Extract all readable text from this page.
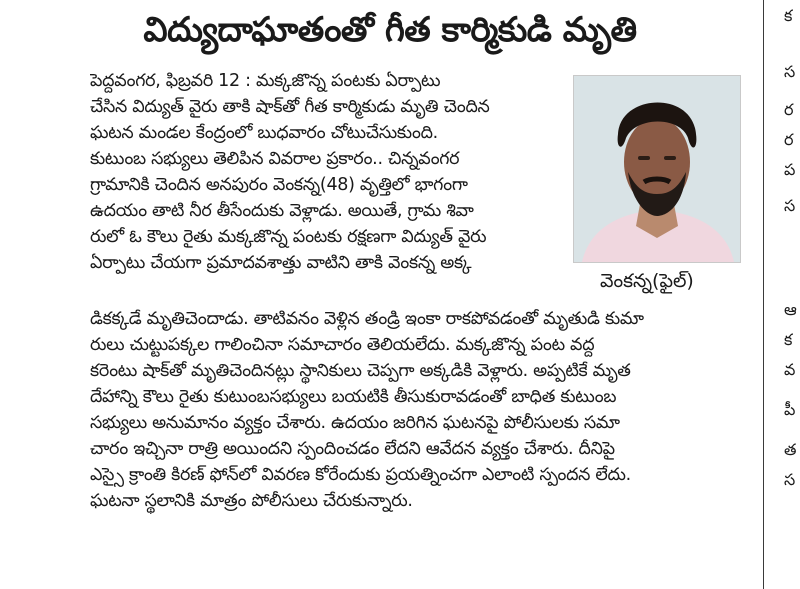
విద్యుదాఘాతంతో గీత కార్మికుడి మృతి
వెంకన్న(ఫైల్)
పెద్దవంగర, ఫిబ్రవరి 12 : మక్కజొన్న పంటకు ఏర్పాటు
చేసిన విద్యుత్ వైరు తాకి షాక్‌తో గీత కార్మికుడు మృతి చెందిన
ఘటన మండల కేంద్రంలో బుధవారం చోటుచేసుకుంది.
కుటుంబ సభ్యులు తెలిపిన వివరాల ప్రకారం.. చిన్నవంగర
గ్రామానికి చెందిన అనపురం వెంకన్న(48) వృత్తిలో భాగంగా
ఉదయం తాటి నీర తీసేందుకు వెళ్లాడు. అయితే, గ్రామ శివా
రులో ఓ కౌలు రైతు మక్కజొన్న పంటకు రక్షణగా విద్యుత్ వైరు
ఏర్పాటు చేయగా ప్రమాదవశాత్తు వాటిని తాకి వెంకన్న అక్క
డికక్కడే మృతిచెందాడు. తాటివనం వెళ్లిన తండ్రి ఇంకా రాకపోవడంతో మృతుడి కుమా
రులు చుట్టుపక్కల గాలించినా సమాచారం తెలియలేదు. మక్కజొన్న పంట వద్ద
కరెంటు షాక్‌తో మృతిచెందినట్లు స్థానికులు చెప్పగా అక్కడికి వెళ్లారు. అప్పటికే మృత
దేహాన్ని కౌలు రైతు కుటుంబసభ్యులు బయటికి తీసుకురావడంతో బాధిత కుటుంబ
సభ్యులు అనుమానం వ్యక్తం చేశారు. ఉదయం జరిగిన ఘటనపై పోలీసులకు సమా
చారం ఇచ్చినా రాత్రి అయిందని స్పందించడం లేదని ఆవేదన వ్యక్తం చేశారు. దీనిపై
ఎస్సై క్రాంతి కిరణ్ ఫోన్‌లో వివరణ కోరేందుకు ప్రయత్నించగా ఎలాంటి స్పందన లేదు.
ఘటనా స్థలానికి మాత్రం పోలీసులు చేరుకున్నారు.
క
స
ర
ర
ప
స
ఆ
క
వ
పీ
త
స
